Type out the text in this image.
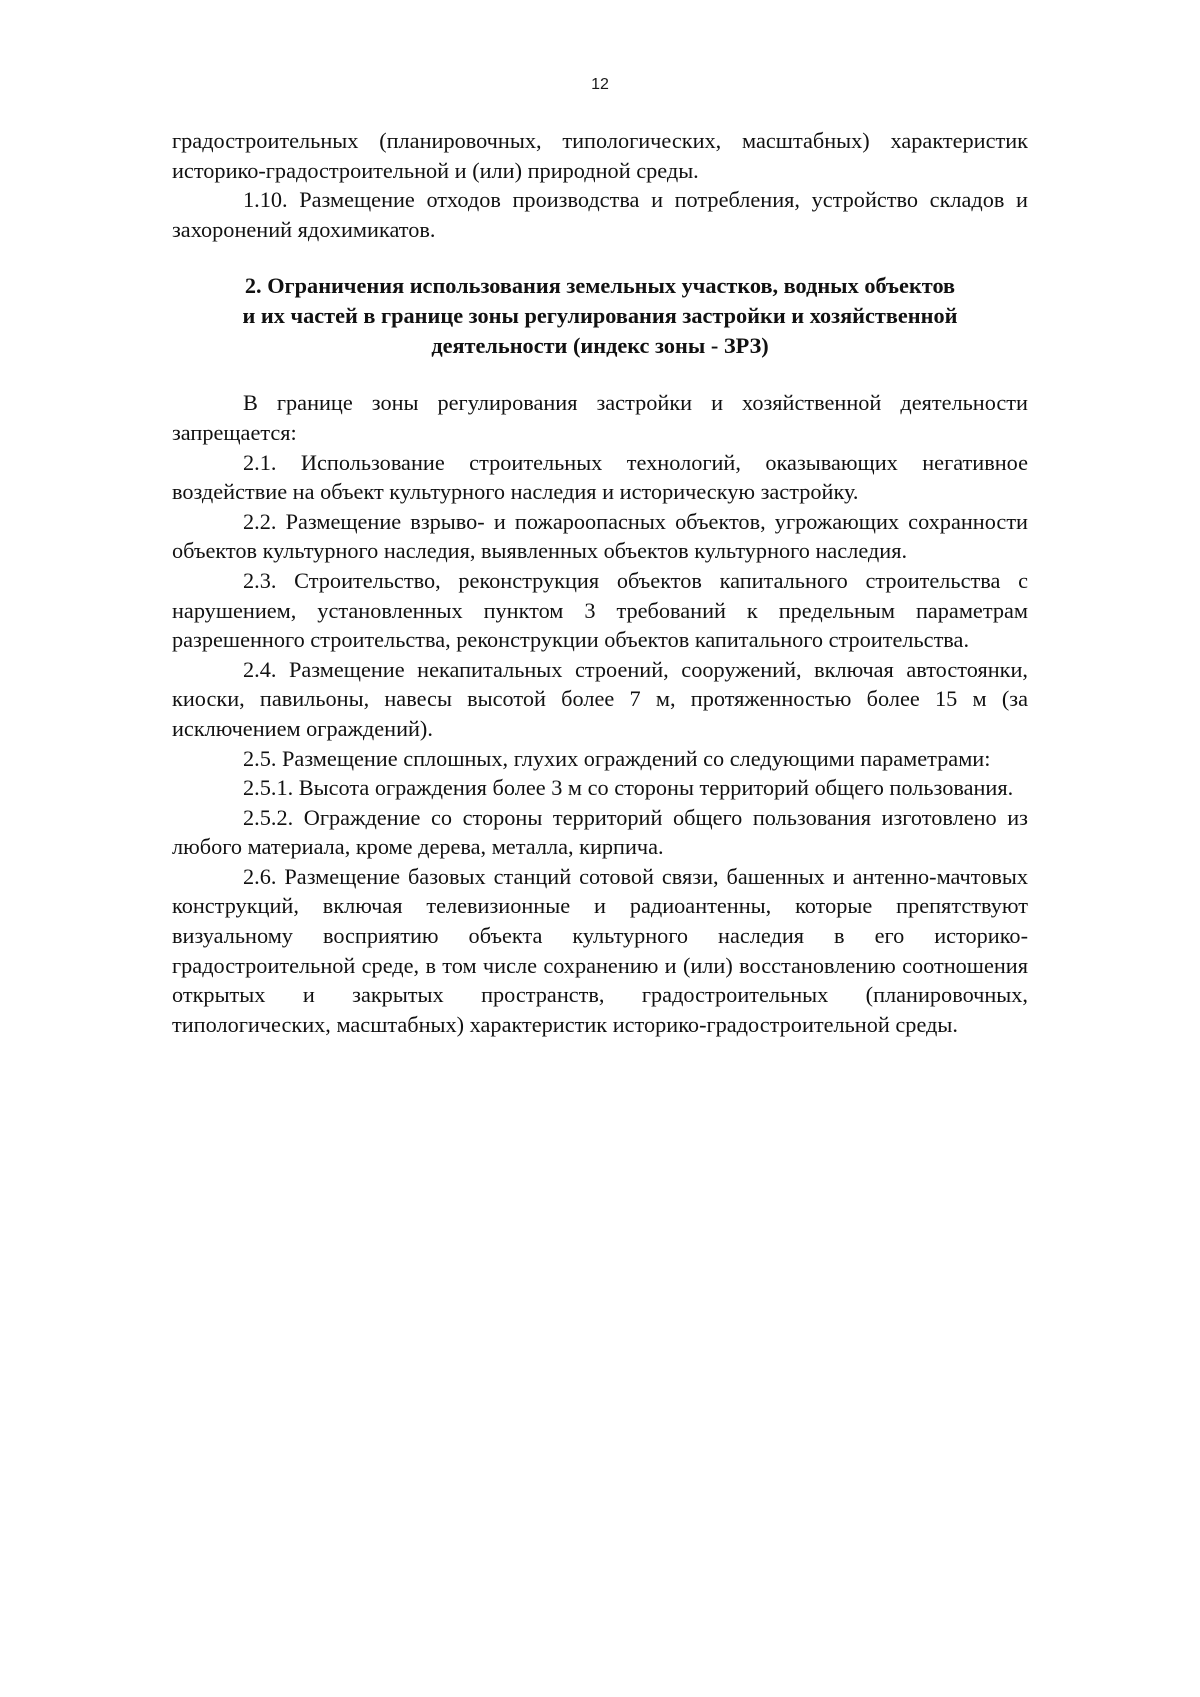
12

градостроительных (планировочных, типологических, масштабных) характеристик историко-градостроительной и (или) природной среды.

1.10. Размещение отходов производства и потребления, устройство складов и захоронений ядохимикатов.

2. Ограничения использования земельных участков, водных объектов
и их частей в границе зоны регулирования застройки и хозяйственной
деятельности (индекс зоны - ЗРЗ)

В границе зоны регулирования застройки и хозяйственной деятельности запрещается:

2.1. Использование строительных технологий, оказывающих негативное воздействие на объект культурного наследия и историческую застройку.

2.2. Размещение взрыво- и пожароопасных объектов, угрожающих сохранности объектов культурного наследия, выявленных объектов культурного наследия.

2.3. Строительство, реконструкция объектов капитального строительства с нарушением, установленных пунктом 3 требований к предельным параметрам разрешенного строительства, реконструкции объектов капитального строительства.

2.4. Размещение некапитальных строений, сооружений, включая автостоянки, киоски, павильоны, навесы высотой более 7 м, протяженностью более 15 м (за исключением ограждений).

2.5. Размещение сплошных, глухих ограждений со следующими параметрами:

2.5.1. Высота ограждения более 3 м со стороны территорий общего пользования.

2.5.2. Ограждение со стороны территорий общего пользования изготовлено из любого материала, кроме дерева, металла, кирпича.

2.6. Размещение базовых станций сотовой связи, башенных и антенно-мачтовых конструкций, включая телевизионные и радиоантенны, которые препятствуют визуальному восприятию объекта культурного наследия в его историко-градостроительной среде, в том числе сохранению и (или) восстановлению соотношения открытых и закрытых пространств, градостроительных (планировочных, типологических, масштабных) характеристик историко-градостроительной среды.
